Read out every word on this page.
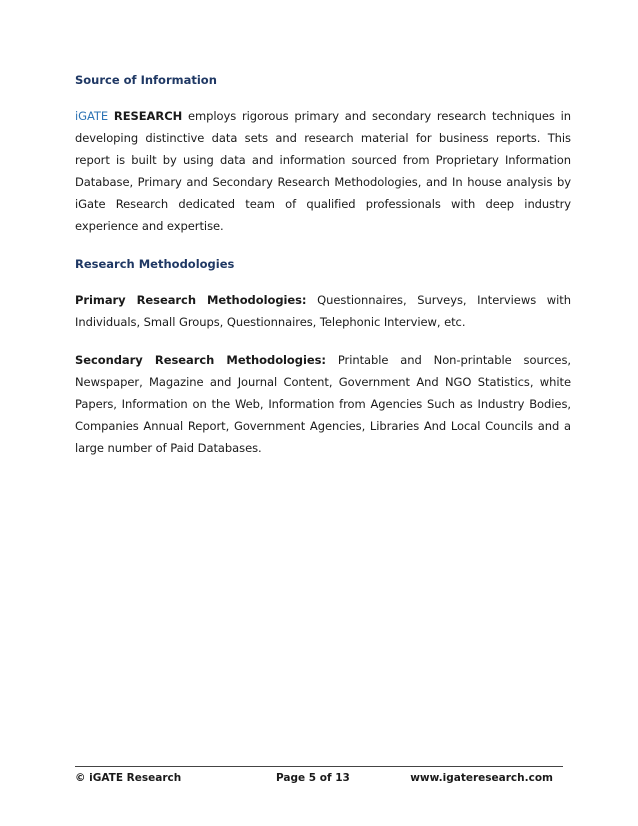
Source of Information

iGATE RESEARCH employs rigorous primary and secondary research techniques in developing distinctive data sets and research material for business reports. This report is built by using data and information sourced from Proprietary Information Database, Primary and Secondary Research Methodologies, and In house analysis by iGate Research dedicated team of qualified professionals with deep industry experience and expertise.

Research Methodologies

Primary Research Methodologies: Questionnaires, Surveys, Interviews with Individuals, Small Groups, Questionnaires, Telephonic Interview, etc.

Secondary Research Methodologies: Printable and Non-printable sources, Newspaper, Magazine and Journal Content, Government And NGO Statistics, white Papers, Information on the Web, Information from Agencies Such as Industry Bodies, Companies Annual Report, Government Agencies, Libraries And Local Councils and a large number of Paid Databases.

© iGATE Research	Page 5 of 13	www.igateresearch.com
